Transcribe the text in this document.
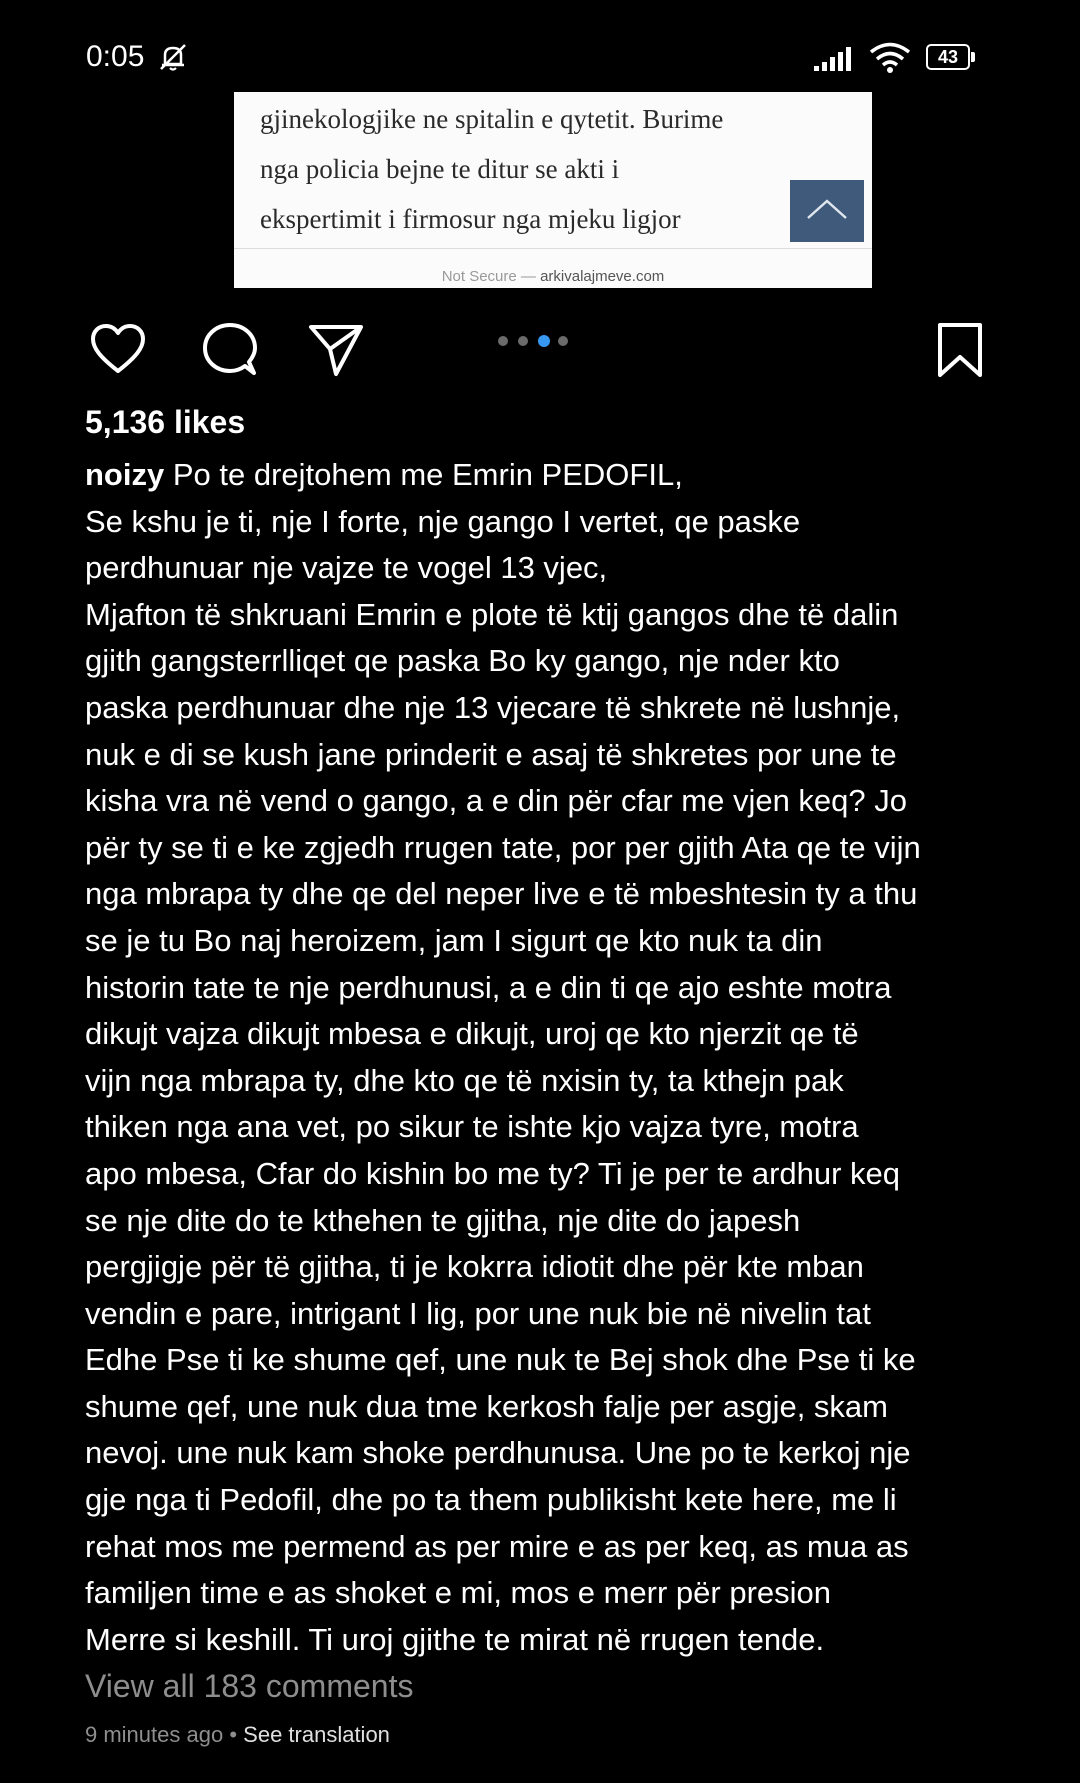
0:05	43
gjinekologjike ne spitalin e qytetit. Burime
nga policia bejne te ditur se akti i
ekspertimit i firmosur nga mjeku ligjor
Not Secure — arkivalajmeve.com
5,136 likes
noizy Po te drejtohem me Emrin PEDOFIL,
Se kshu je ti, nje I forte, nje gango I vertet, qe paske
perdhunuar nje vajze te vogel 13 vjec,
Mjafton të shkruani Emrin e plote të ktij gangos dhe të dalin
gjith gangsterrlliqet qe paska Bo ky gango, nje nder kto
paska perdhunuar dhe nje 13 vjecare të shkrete në lushnje,
nuk e di se kush jane prinderit e asaj të shkretes por une te
kisha vra në vend o gango, a e din për cfar me vjen keq? Jo
për ty se ti e ke zgjedh rrugen tate, por per gjith Ata qe te vijn
nga mbrapa ty dhe qe del neper live e të mbeshtesin ty a thu
se je tu Bo naj heroizem, jam I sigurt qe kto nuk ta din
historin tate te nje perdhunusi, a e din ti qe ajo eshte motra
dikujt vajza dikujt mbesa e dikujt, uroj qe kto njerzit qe të
vijn nga mbrapa ty, dhe kto qe të nxisin ty, ta kthejn pak
thiken nga ana vet, po sikur te ishte kjo vajza tyre, motra
apo mbesa, Cfar do kishin bo me ty? Ti je per te ardhur keq
se nje dite do te kthehen te gjitha, nje dite do japesh
pergjigje për të gjitha, ti je kokrra idiotit dhe për kte mban
vendin e pare, intrigant I lig, por une nuk bie në nivelin tat
Edhe Pse ti ke shume qef, une nuk te Bej shok dhe Pse ti ke
shume qef, une nuk dua tme kerkosh falje per asgje, skam
nevoj. une nuk kam shoke perdhunusa. Une po te kerkoj nje
gje nga ti Pedofil, dhe po ta them publikisht kete here, me li
rehat mos me permend as per mire e as per keq, as mua as
familjen time e as shoket e mi, mos e merr për presion
Merre si keshill. Ti uroj gjithe te mirat në rrugen tende.
View all 183 comments
9 minutes ago • See translation
